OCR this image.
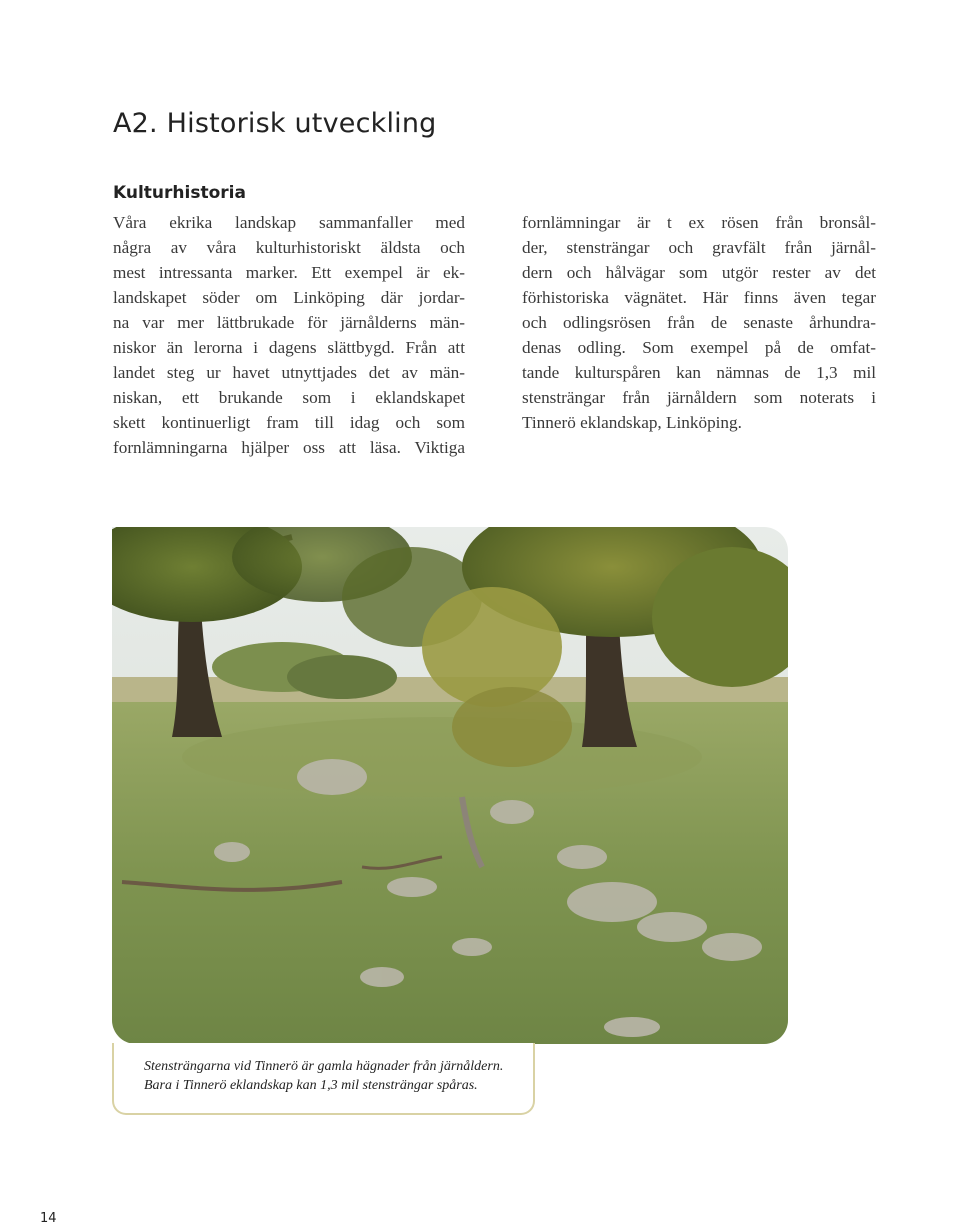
A2. Historisk utveckling
Kulturhistoria
Våra ekrika landskap sammanfaller med
några av våra kulturhistoriskt äldsta och
mest intressanta marker. Ett exempel är ek-
landskapet söder om Linköping där jordar-
na var mer lättbrukade för järnålderns män-
niskor än lerorna i dagens slättbygd. Från att
landet steg ur havet utnyttjades det av män-
niskan, ett brukande som i eklandskapet
skett kontinuerligt fram till idag och som
fornlämningarna hjälper oss att läsa. Viktiga
fornlämningar är t ex rösen från bronsål-
der, stensträngar och gravfält från järnål-
dern och hålvägar som utgör rester av det
förhistoriska vägnätet. Här finns även tegar
och odlingsrösen från de senaste århundra-
denas odling. Som exempel på de omfat-
tande kulturspåren kan nämnas de 1,3 mil
stensträngar från järnåldern som noterats i
Tinnerö eklandskap, Linköping.
Stensträngarna vid Tinnerö är gamla hägnader från järnåldern.
Bara i Tinnerö eklandskap kan 1,3 mil stensträngar spåras.
14
